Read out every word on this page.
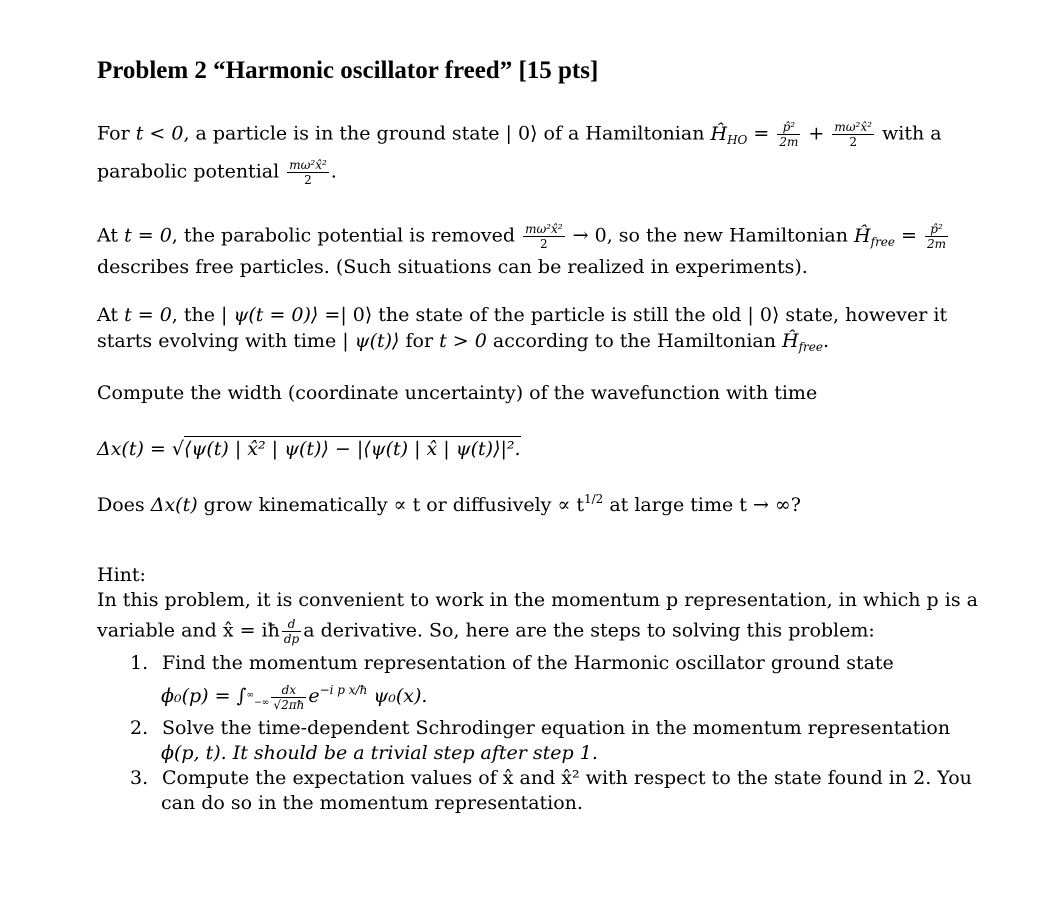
Problem 2 “Harmonic oscillator freed” [15 pts]
For t < 0, a particle is in the ground state | 0⟩ of a Hamiltonian $Ĥ_{HO} = \frac{\text{p̂²}}{2m} + \frac{\text{mω²x̂²}}{2}$ with a
parabolic potential $\frac{\text{mω²x̂²}}{2}$ .
At t = 0, the parabolic potential is removed $\frac{\text{mω²x̂²}}{2} \to 0$, so the new Hamiltonian $Ĥ_{free} = \frac{\text{p̂²}}{2m}$
describes free particles. (Such situations can be realized in experiments).
At t = 0, the | ψ(t = 0)⟩ =| 0⟩ the state of the particle is still the old | 0⟩ state, however it
starts evolving with time | ψ(t)⟩ for t > 0 according to the Hamiltonian $Ĥ_{free}$.
Compute the width (coordinate uncertainty) of the wavefunction with time
Δx(t) = √⟨ψ(t) | x̂² | ψ(t)⟩ − |⟨ψ(t) | x̂ | ψ(t)⟩|².
Does Δx(t) grow kinematically ∝ t or diffusively ∝ $t^{1/2}$ at large time t → ∞?
Hint:
In this problem, it is convenient to work in the momentum p representation, in which p is a
variable and x̂ = iħ $\frac{d}{dp}$ a derivative. So, here are the steps to solving this problem:
1. Find the momentum representation of the Harmonic oscillator ground state
$\phi_0(p) = \int^\infty_{-\infty} \frac{dx}{√2\pi ħ} e^{-i p x/ħ}$ ψ₀(x).
2. Solve the time-dependent Schrodinger equation in the momentum representation
ϕ(p, t). It should be a trivial step after step 1.
3. Compute the expectation values of x̂ and x̂² with respect to the state found in 2. You
can do so in the momentum representation.
